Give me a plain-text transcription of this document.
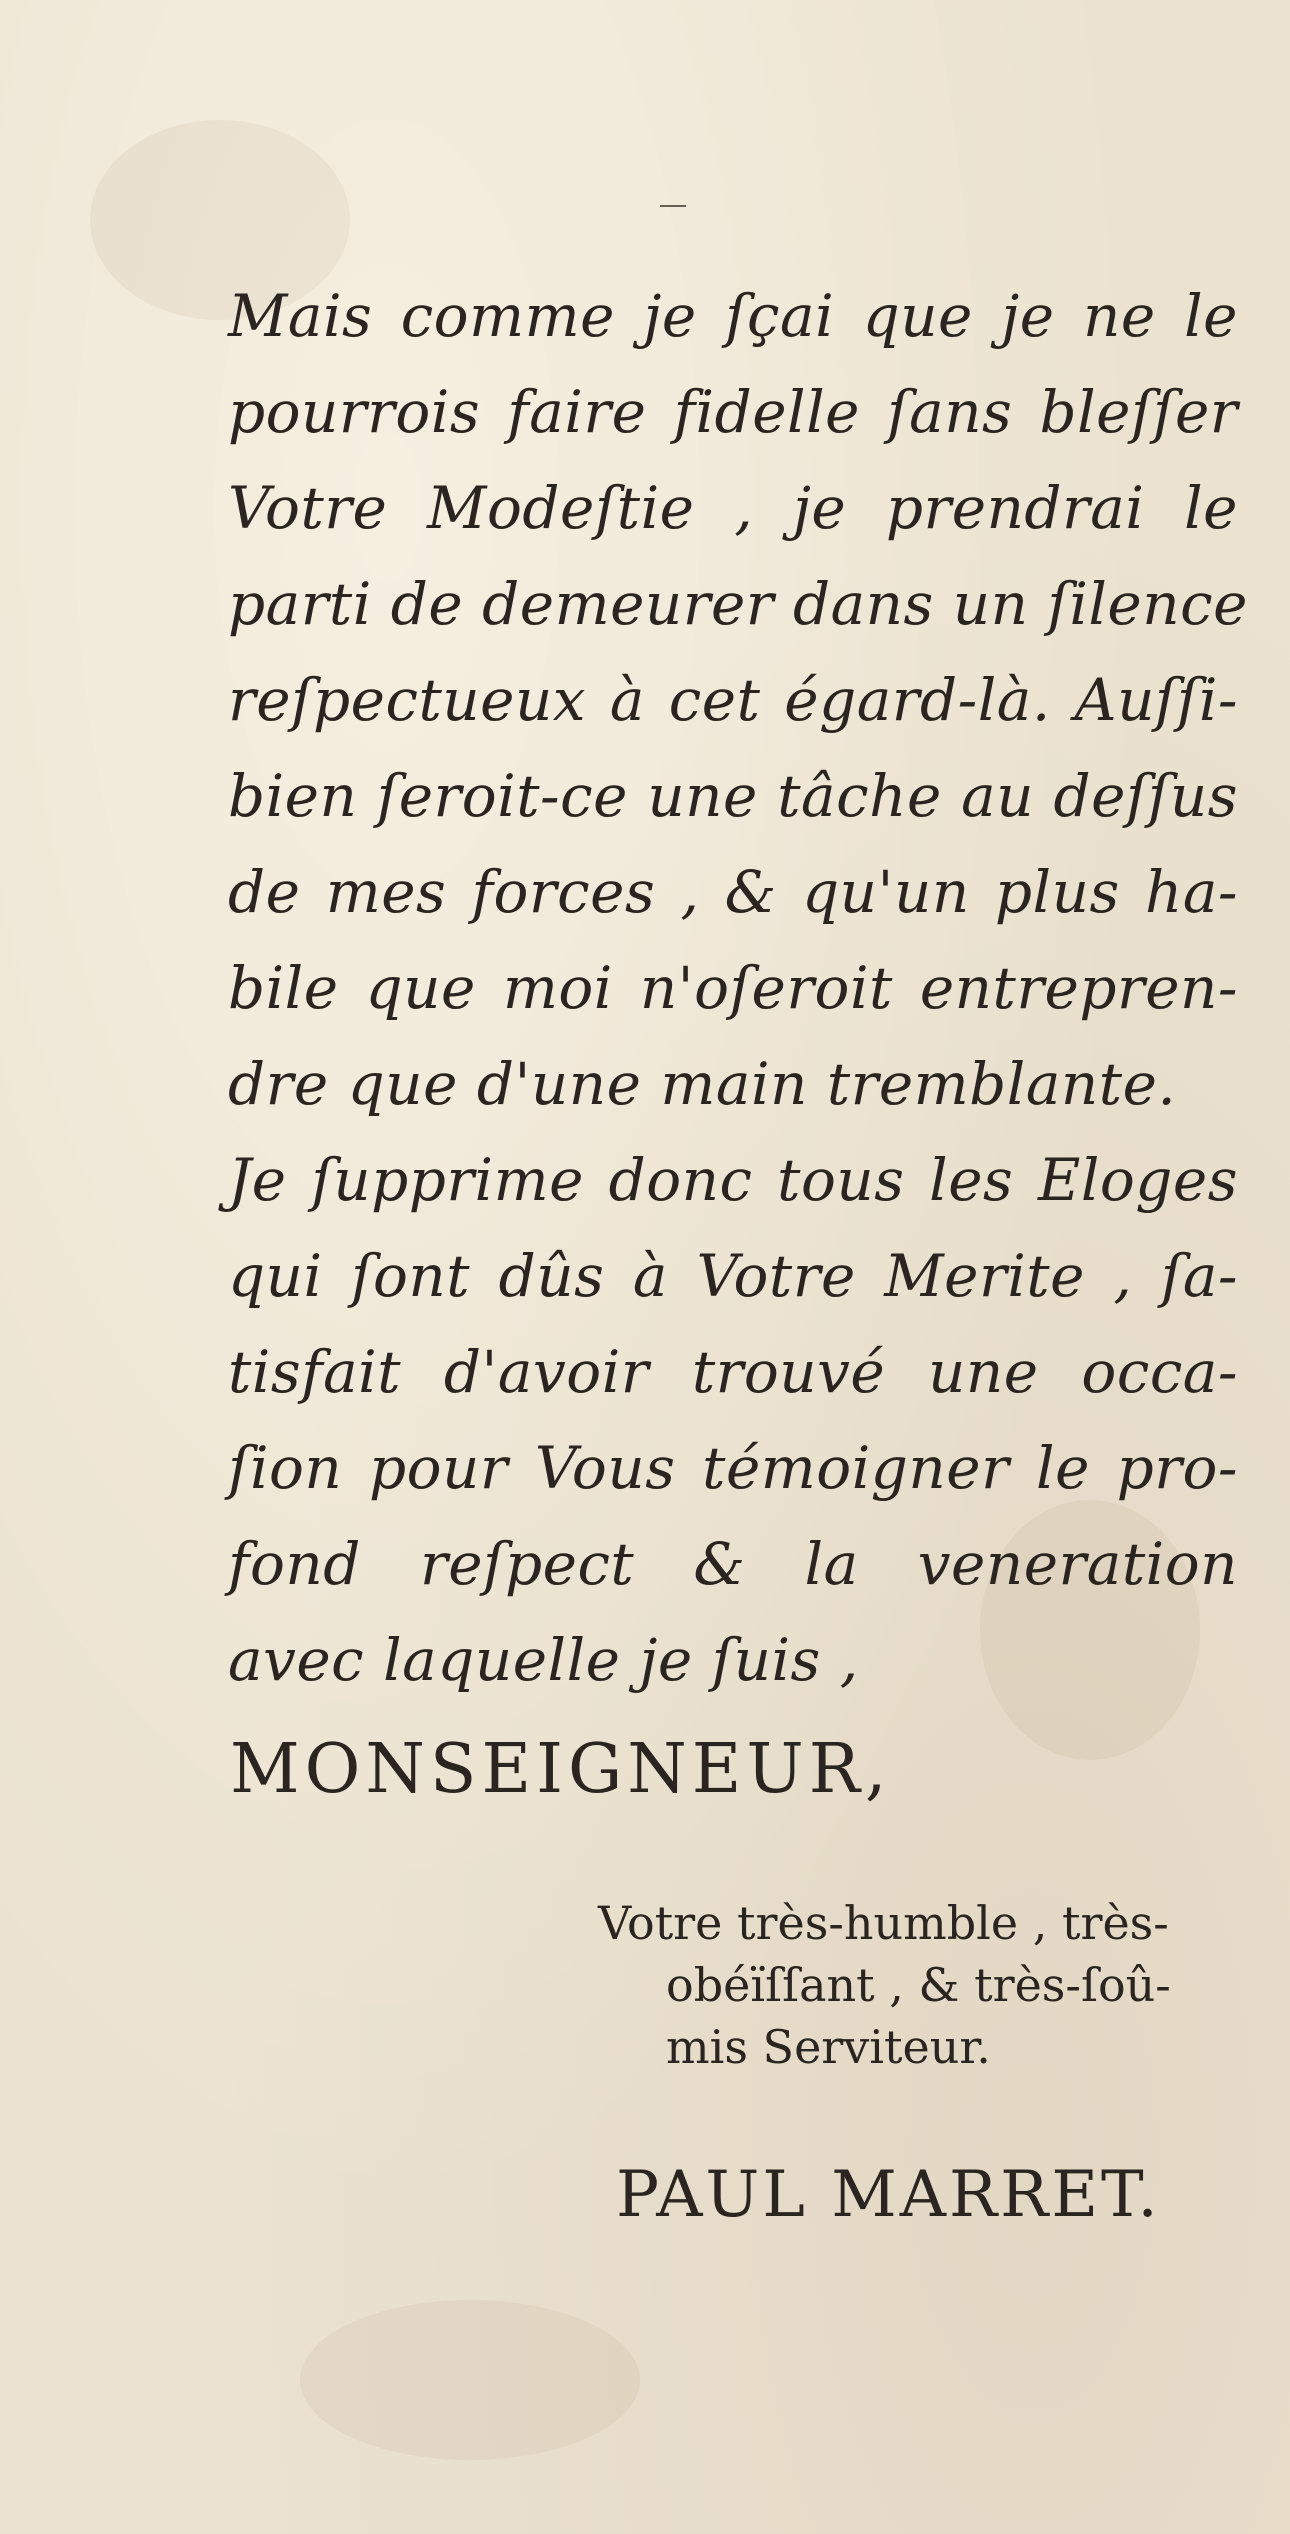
Mais comme je ſçai que je ne le
pourrois faire fidelle ſans bleſſer
Votre Modeſtie , je prendrai le
parti de demeurer dans un ſilence
reſpectueux à cet égard-là. Auſſi-
bien ſeroit-ce une tâche au deſſus
de mes forces , & qu'un plus ha-
bile que moi n'oſeroit entrepren-
dre que d'une main tremblante.
Je ſupprime donc tous les Eloges
qui ſont dûs à Votre Merite , ſa-
tisfait d'avoir trouvé une occa-
ſion pour Vous témoigner le pro-
fond reſpect & la veneration
avec laquelle je ſuis ,
MONSEIGNEUR,
Votre très-humble , très-
obéïſſant , & très-ſoû-
mis Serviteur.
PAUL MARRET.
